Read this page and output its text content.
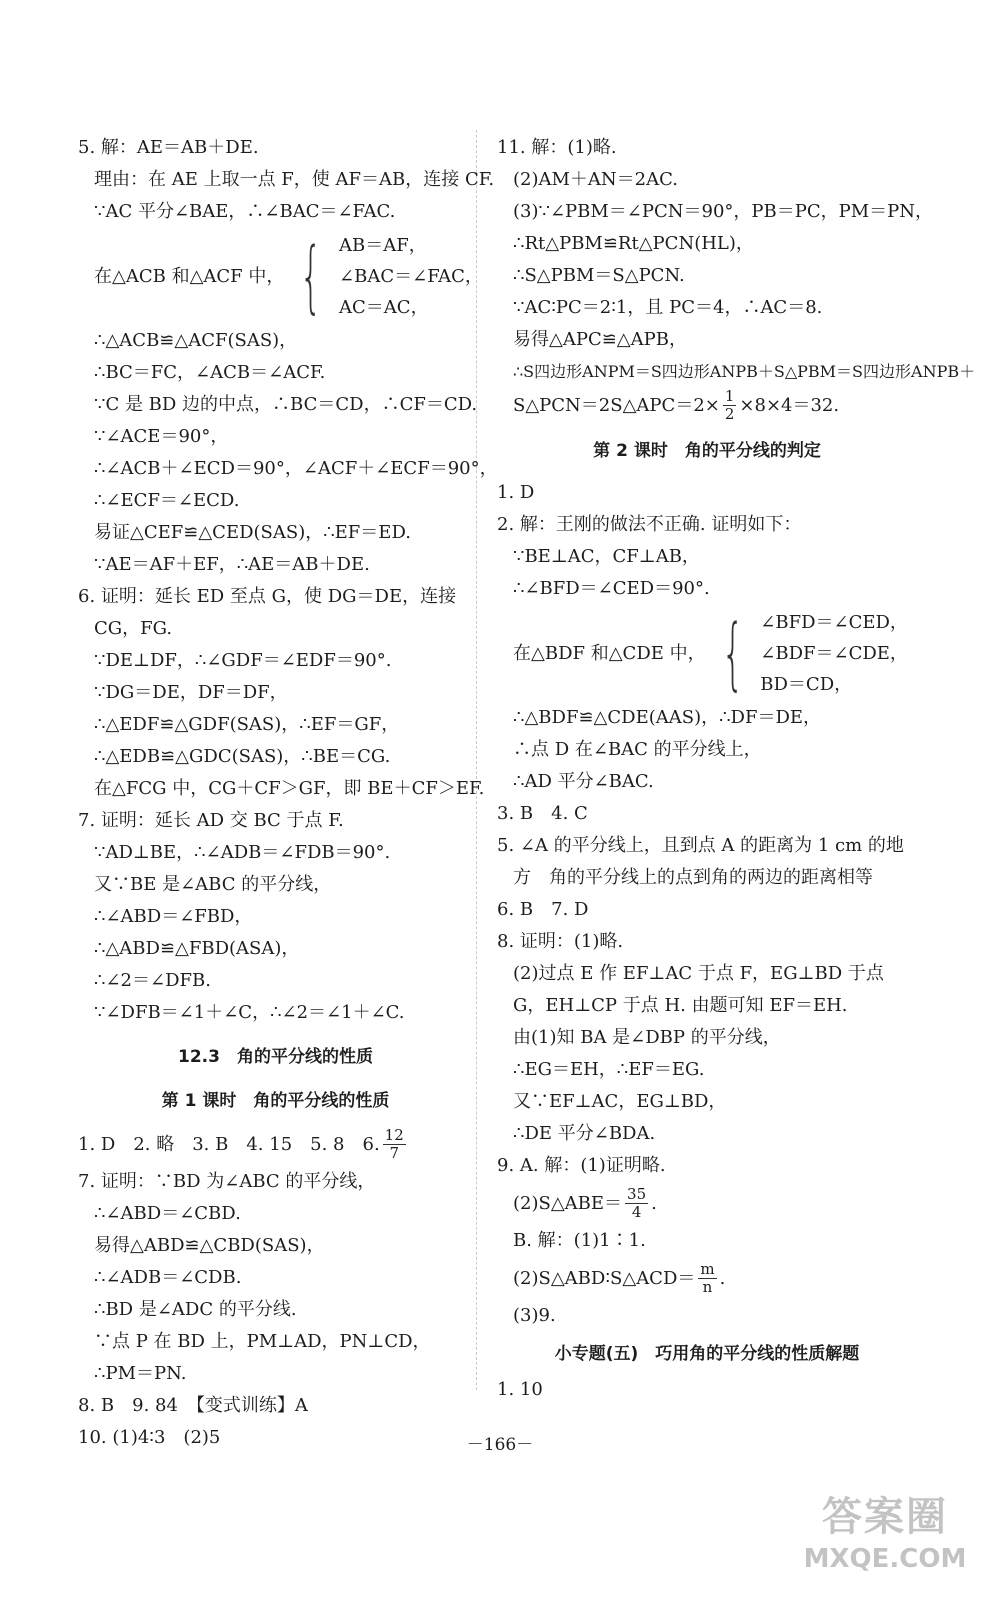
5. 解：AE＝AB＋DE.
理由：在 AE 上取一点 F，使 AF＝AB，连接 CF.
∵AC 平分∠BAE，∴∠BAC＝∠FAC.
在△ACB 和△ACF 中， { AB＝AF，
∠BAC＝∠FAC，
AC＝AC，
∴△ACB≌△ACF(SAS)，
∴BC＝FC，∠ACB＝∠ACF.
∵C 是 BD 边的中点，∴BC＝CD，∴CF＝CD.
∵∠ACE＝90°，
∴∠ACB＋∠ECD＝90°，∠ACF＋∠ECF＝90°，
∴∠ECF＝∠ECD.
易证△CEF≌△CED(SAS)，∴EF＝ED.
∵AE＝AF＋EF，∴AE＝AB＋DE.
6. 证明：延长 ED 至点 G，使 DG＝DE，连接
CG，FG.
∵DE⊥DF，∴∠GDF＝∠EDF＝90°.
∵DG＝DE，DF＝DF，
∴△EDF≌△GDF(SAS)，∴EF＝GF，
∴△EDB≌△GDC(SAS)，∴BE＝CG.
在△FCG 中，CG＋CF＞GF，即 BE＋CF＞EF.
7. 证明：延长 AD 交 BC 于点 F.
∵AD⊥BE，∴∠ADB＝∠FDB＝90°.
又∵BE 是∠ABC 的平分线，
∴∠ABD＝∠FBD，
∴△ABD≌△FBD(ASA)，
∴∠2＝∠DFB.
∵∠DFB＝∠1＋∠C，∴∠2＝∠1＋∠C.
12.3　角的平分线的性质
第 1 课时　角的平分线的性质
1. D　2. 略　3. B　4. 15　5. 8　6. $\frac{12}{7}$
7. 证明：∵BD 为∠ABC 的平分线，
∴∠ABD＝∠CBD.
易得△ABD≌△CBD(SAS)，
∴∠ADB＝∠CDB.
∴BD 是∠ADC 的平分线.
∵点 P 在 BD 上，PM⊥AD，PN⊥CD，
∴PM＝PN.
8. B　9. 84　【变式训练】A
10. (1)4∶3　(2)5
11. 解：(1)略.
(2)AM＋AN＝2AC.
(3)∵∠PBM＝∠PCN＝90°，PB＝PC，PM＝PN，
∴Rt△PBM≌Rt△PCN(HL)，
∴S△PBM＝S△PCN.
∵AC∶PC＝2∶1，且 PC＝4，∴AC＝8.
易得△APC≌△APB，
∴S四边形ANPM＝S四边形ANPB＋S△PBM＝S四边形ANPB＋
S△PCN＝2S△APC＝2× $\frac{1}{2} \times 8\times 4=32$.
第 2 课时　角的平分线的判定
1. D
2. 解：王刚的做法不正确. 证明如下：
∵BE⊥AC，CF⊥AB，
∴∠BFD＝∠CED＝90°.
在△BDF 和△CDE 中， { ∠BFD＝∠CED，
∠BDF＝∠CDE，
BD＝CD，
∴△BDF≌△CDE(AAS)，∴DF＝DE，
∴点 D 在∠BAC 的平分线上，
∴AD 平分∠BAC.
3. B　4. C
5. ∠A 的平分线上，且到点 A 的距离为 1 cm 的地
方　角的平分线上的点到角的两边的距离相等
6. B　7. D
8. 证明：(1)略.
(2)过点 E 作 EF⊥AC 于点 F，EG⊥BD 于点
G，EH⊥CP 于点 H. 由题可知 EF＝EH.
由(1)知 BA 是∠DBP 的平分线，
∴EG＝EH，∴EF＝EG.
又∵EF⊥AC，EG⊥BD，
∴DE 平分∠BDA.
9. A. 解：(1)证明略.
(2)S△ABE＝ $\frac{35}{4}$ .
B. 解：(1)1∶1.
(2)S△ABD∶S△ACD＝ $\frac{m}{n}$ .
(3)9.
小专题(五)　巧用角的平分线的性质解题
1. 10
－166－
答案圈
MXQE.COM
